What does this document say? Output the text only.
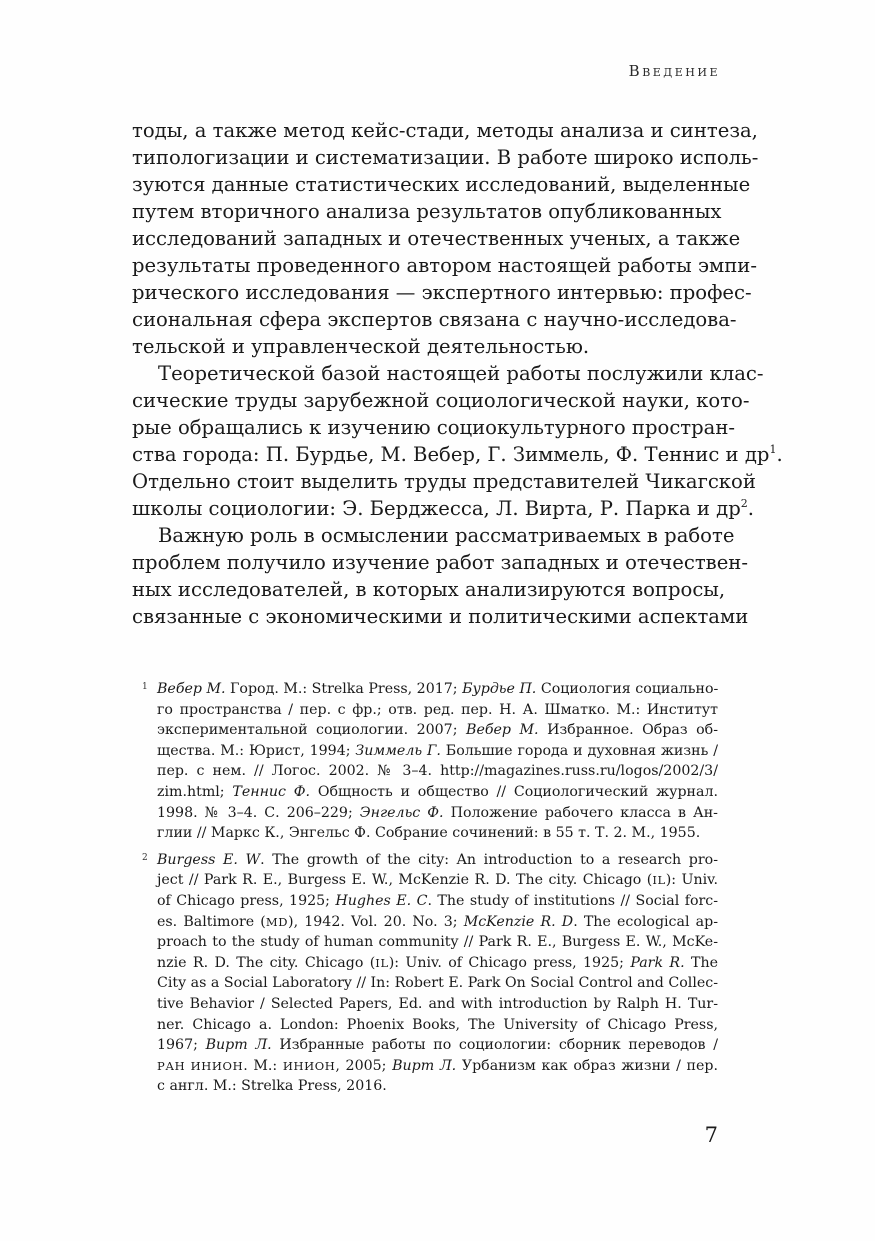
Введение
тоды, а также метод кейс-стади, методы анализа и синтеза,
типологизации и систематизации. В работе широко исполь-
зуются данные статистических исследований, выделенные
путем вторичного анализа результатов опубликованных
исследований западных и отечественных ученых, а также
результаты проведенного автором настоящей работы эмпи-
рического исследования — экспертного интервью: профес-
сиональная сфера экспертов связана с научно-исследова-
тельской и управленческой деятельностью.
Теоретической базой настоящей работы послужили клас-
сические труды зарубежной социологической науки, кото-
рые обращались к изучению социокультурного простран-
ства города: П. Бурдье, М. Вебер, Г. Зиммель, Ф. Теннис и $др^1$.
Отдельно стоит выделить труды представителей Чикагской
школы социологии: Э. Берджесса, Л. Вирта, Р. Парка и $др^2$.
Важную роль в осмыслении рассматриваемых в работе
проблем получило изучение работ западных и отечествен-
ных исследователей, в которых анализируются вопросы,
связанные с экономическими и политическими аспектами
1 Вебер М. Город. М.: Strelka Press, 2017; Бурдье П. Социология социально-
го пространства / пер. с фр.; отв. ред. пер. Н. А. Шматко. М.: Институт
экспериментальной социологии. 2007; Вебер М. Избранное. Образ об-
щества. М.: Юрист, 1994; Зиммель Г. Большие города и духовная жизнь /
пер. с нем. // Логос. 2002. № 3–4. http://magazines.russ.ru/logos/2002/3/
zim.html; Теннис Ф. Общность и общество // Социологический журнал.
1998. № 3–4. С. 206–229; Энгельс Ф. Положение рабочего класса в Ан-
глии // Маркс К., Энгельс Ф. Собрание сочинений: в 55 т. Т. 2. М., 1955.
2 Burgess E. W. The growth of the city: An introduction to a research pro-
ject // Park R. E., Burgess E. W., McKenzie R. D. The city. Chicago (IL): Univ.
of Chicago press, 1925; Hughes E. C. The study of institutions // Social forc-
es. Baltimore (MD), 1942. Vol. 20. No. 3; McKenzie R. D. The ecological ap-
proach to the study of human community // Park R. E., Burgess E. W., McKe-
nzie R. D. The city. Chicago (IL): Univ. of Chicago press, 1925; Park R. The
City as a Social Laboratory // In: Robert E. Park On Social Control and Collec-
tive Behavior / Selected Papers, Ed. and with introduction by Ralph H. Tur-
ner. Chicago a. London: Phoenix Books, The University of Chicago Press,
1967; Вирт Л. Избранные работы по социологии: сборник переводов /
РАН ИНИОН. М.: ИНИОН, 2005; Вирт Л. Урбанизм как образ жизни / пер.
с англ. М.: Strelka Press, 2016.
7
